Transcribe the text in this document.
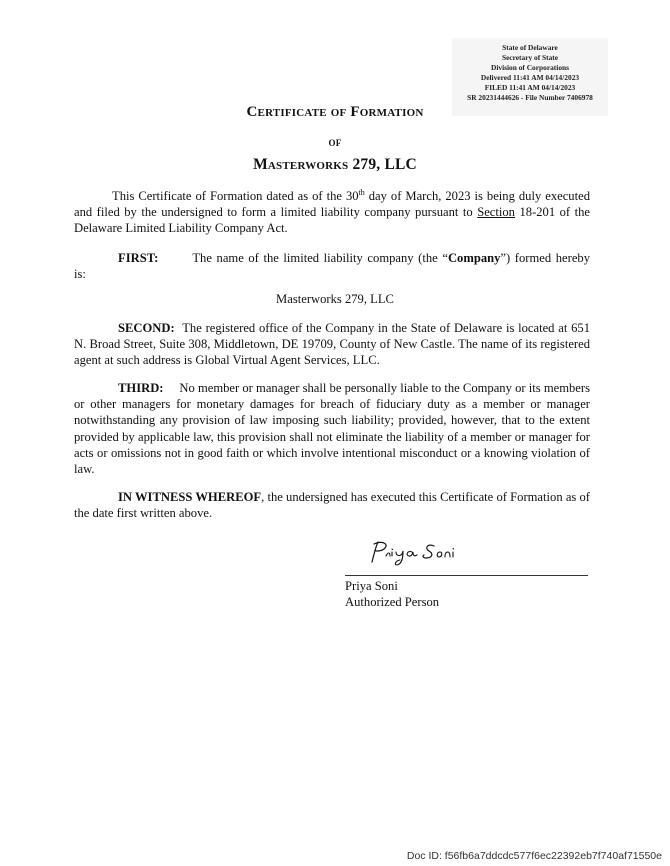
State of Delaware
Secretary of State
Division of Corporations
Delivered 11:41 AM 04/14/2023
FILED 11:41 AM 04/14/2023
SR 20231444626 - File Number 7406978
Certificate of Formation
of
Masterworks 279, LLC
This Certificate of Formation dated as of the 30th day of March, 2023 is being duly executed and filed by the undersigned to form a limited liability company pursuant to Section 18-201 of the Delaware Limited Liability Company Act.
FIRST:	The name of the limited liability company (the “Company”) formed hereby is:
Masterworks 279, LLC
SECOND: The registered office of the Company in the State of Delaware is located at 651 N. Broad Street, Suite 308, Middletown, DE 19709, County of New Castle. The name of its registered agent at such address is Global Virtual Agent Services, LLC.
THIRD: No member or manager shall be personally liable to the Company or its members or other managers for monetary damages for breach of fiduciary duty as a member or manager notwithstanding any provision of law imposing such liability; provided, however, that to the extent provided by applicable law, this provision shall not eliminate the liability of a member or manager for acts or omissions not in good faith or which involve intentional misconduct or a knowing violation of law.
IN WITNESS WHEREOF, the undersigned has executed this Certificate of Formation as of the date first written above.
Priya Soni
Authorized Person
Doc ID: f56fb6a7ddcdc577f6ec22392eb7f740af71550e
